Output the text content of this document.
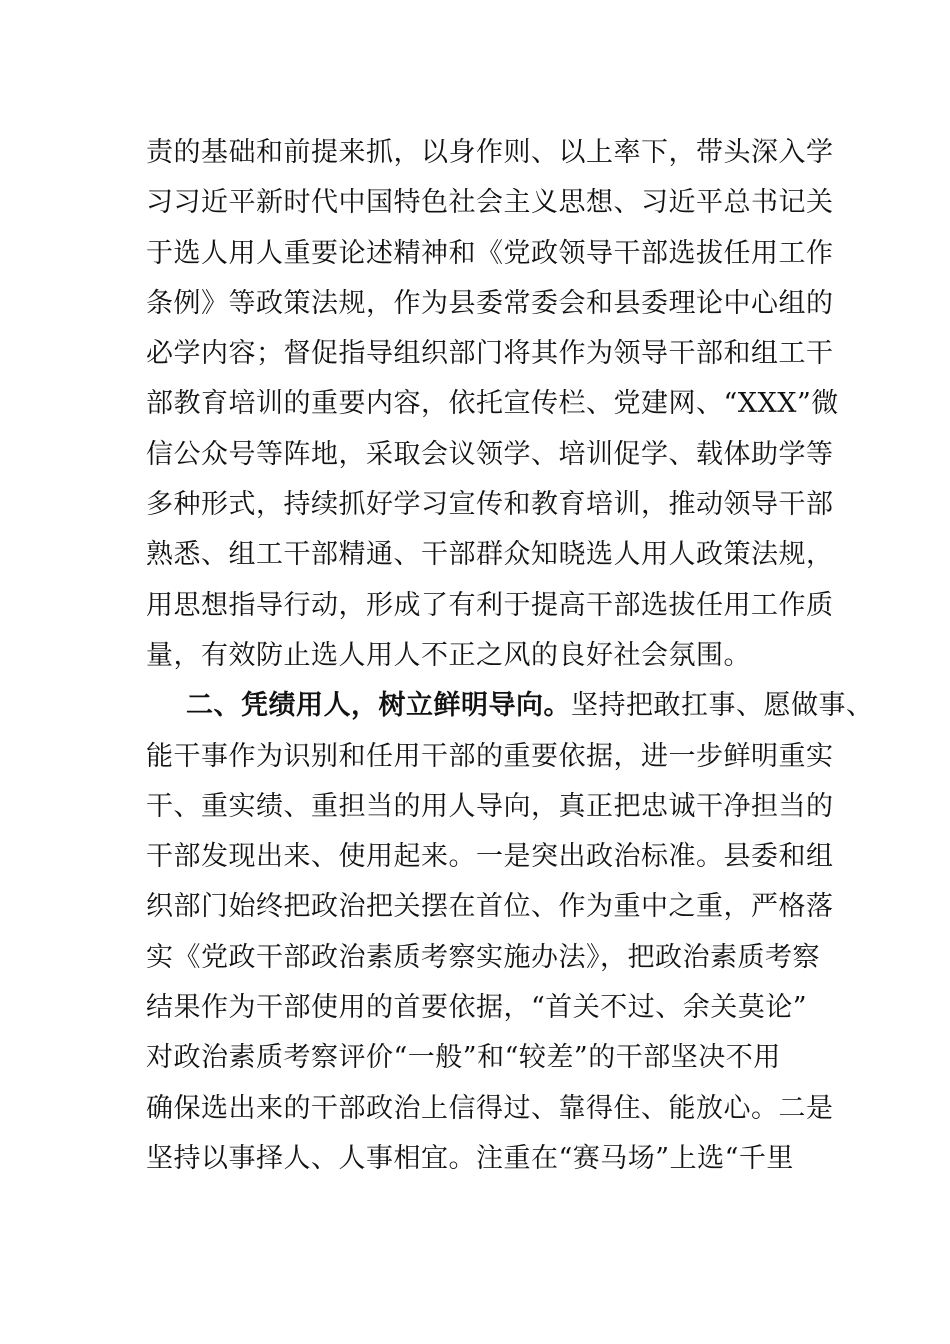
责的基础和前提来抓，以身作则、以上率下，带头深入学
习习近平新时代中国特色社会主义思想、习近平总书记关
于选人用人重要论述精神和《党政领导干部选拔任用工作
条例》等政策法规，作为县委常委会和县委理论中心组的
必学内容；督促指导组织部门将其作为领导干部和组工干
部教育培训的重要内容，依托宣传栏、党建网、“XXX”微
信公众号等阵地，采取会议领学、培训促学、载体助学等
多种形式，持续抓好学习宣传和教育培训，推动领导干部
熟悉、组工干部精通、干部群众知晓选人用人政策法规，
用思想指导行动，形成了有利于提高干部选拔任用工作质
量，有效防止选人用人不正之风的良好社会氛围。
二、凭绩用人，树立鲜明导向。坚持把敢扛事、愿做事、
能干事作为识别和任用干部的重要依据，进一步鲜明重实
干、重实绩、重担当的用人导向，真正把忠诚干净担当的
干部发现出来、使用起来。一是突出政治标准。县委和组
织部门始终把政治把关摆在首位、作为重中之重，严格落
实《党政干部政治素质考察实施办法》，把政治素质考察
结果作为干部使用的首要依据，“首关不过、余关莫论”
对政治素质考察评价“一般”和“较差”的干部坚决不用
确保选出来的干部政治上信得过、靠得住、能放心。二是
坚持以事择人、人事相宜。注重在“赛马场”上选“千里
